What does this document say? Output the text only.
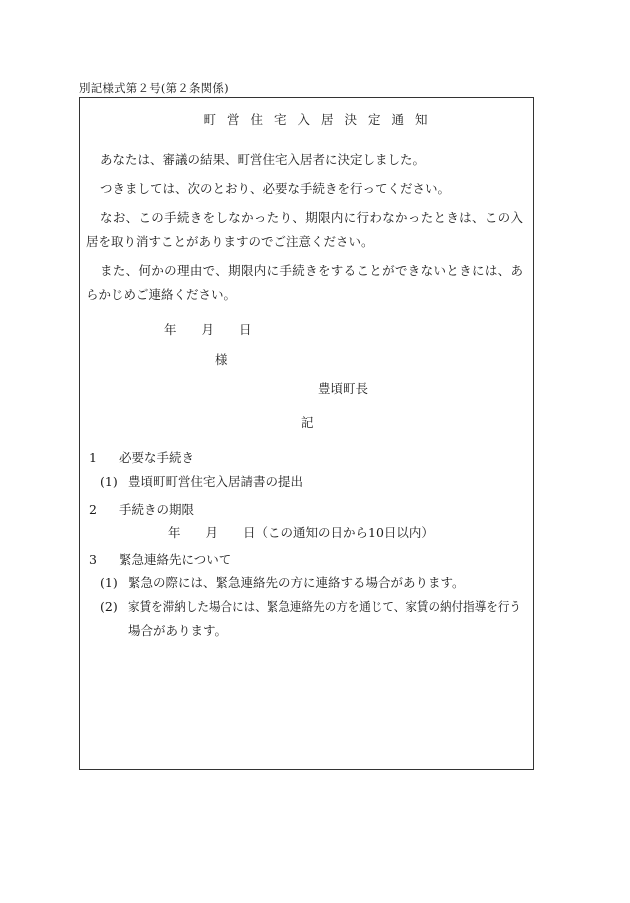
別記様式第２号(第２条関係)
町営住宅入居決定通知
あなたは、審議の結果、町営住宅入居者に決定しました。
つきましては、次のとおり、必要な手続きを行ってください。
なお、この手続きをしなかったり、期限内に行わなかったときは、この入
居を取り消すことがありますのでご注意ください。
また、何かの理由で、期限内に手続きをすることができないときには、あ
らかじめご連絡ください。
年　　月　　日
様
豊頃町長
記
1 必要な手続き
(1) 豊頃町町営住宅入居請書の提出
2 手続きの期限
年　　月　　日（この通知の日から10日以内）
3 緊急連絡先について
(1) 緊急の際には、緊急連絡先の方に連絡する場合があります。
(2) 家賃を滞納した場合には、緊急連絡先の方を通じて、家賃の納付指導を行う
場合があります。
